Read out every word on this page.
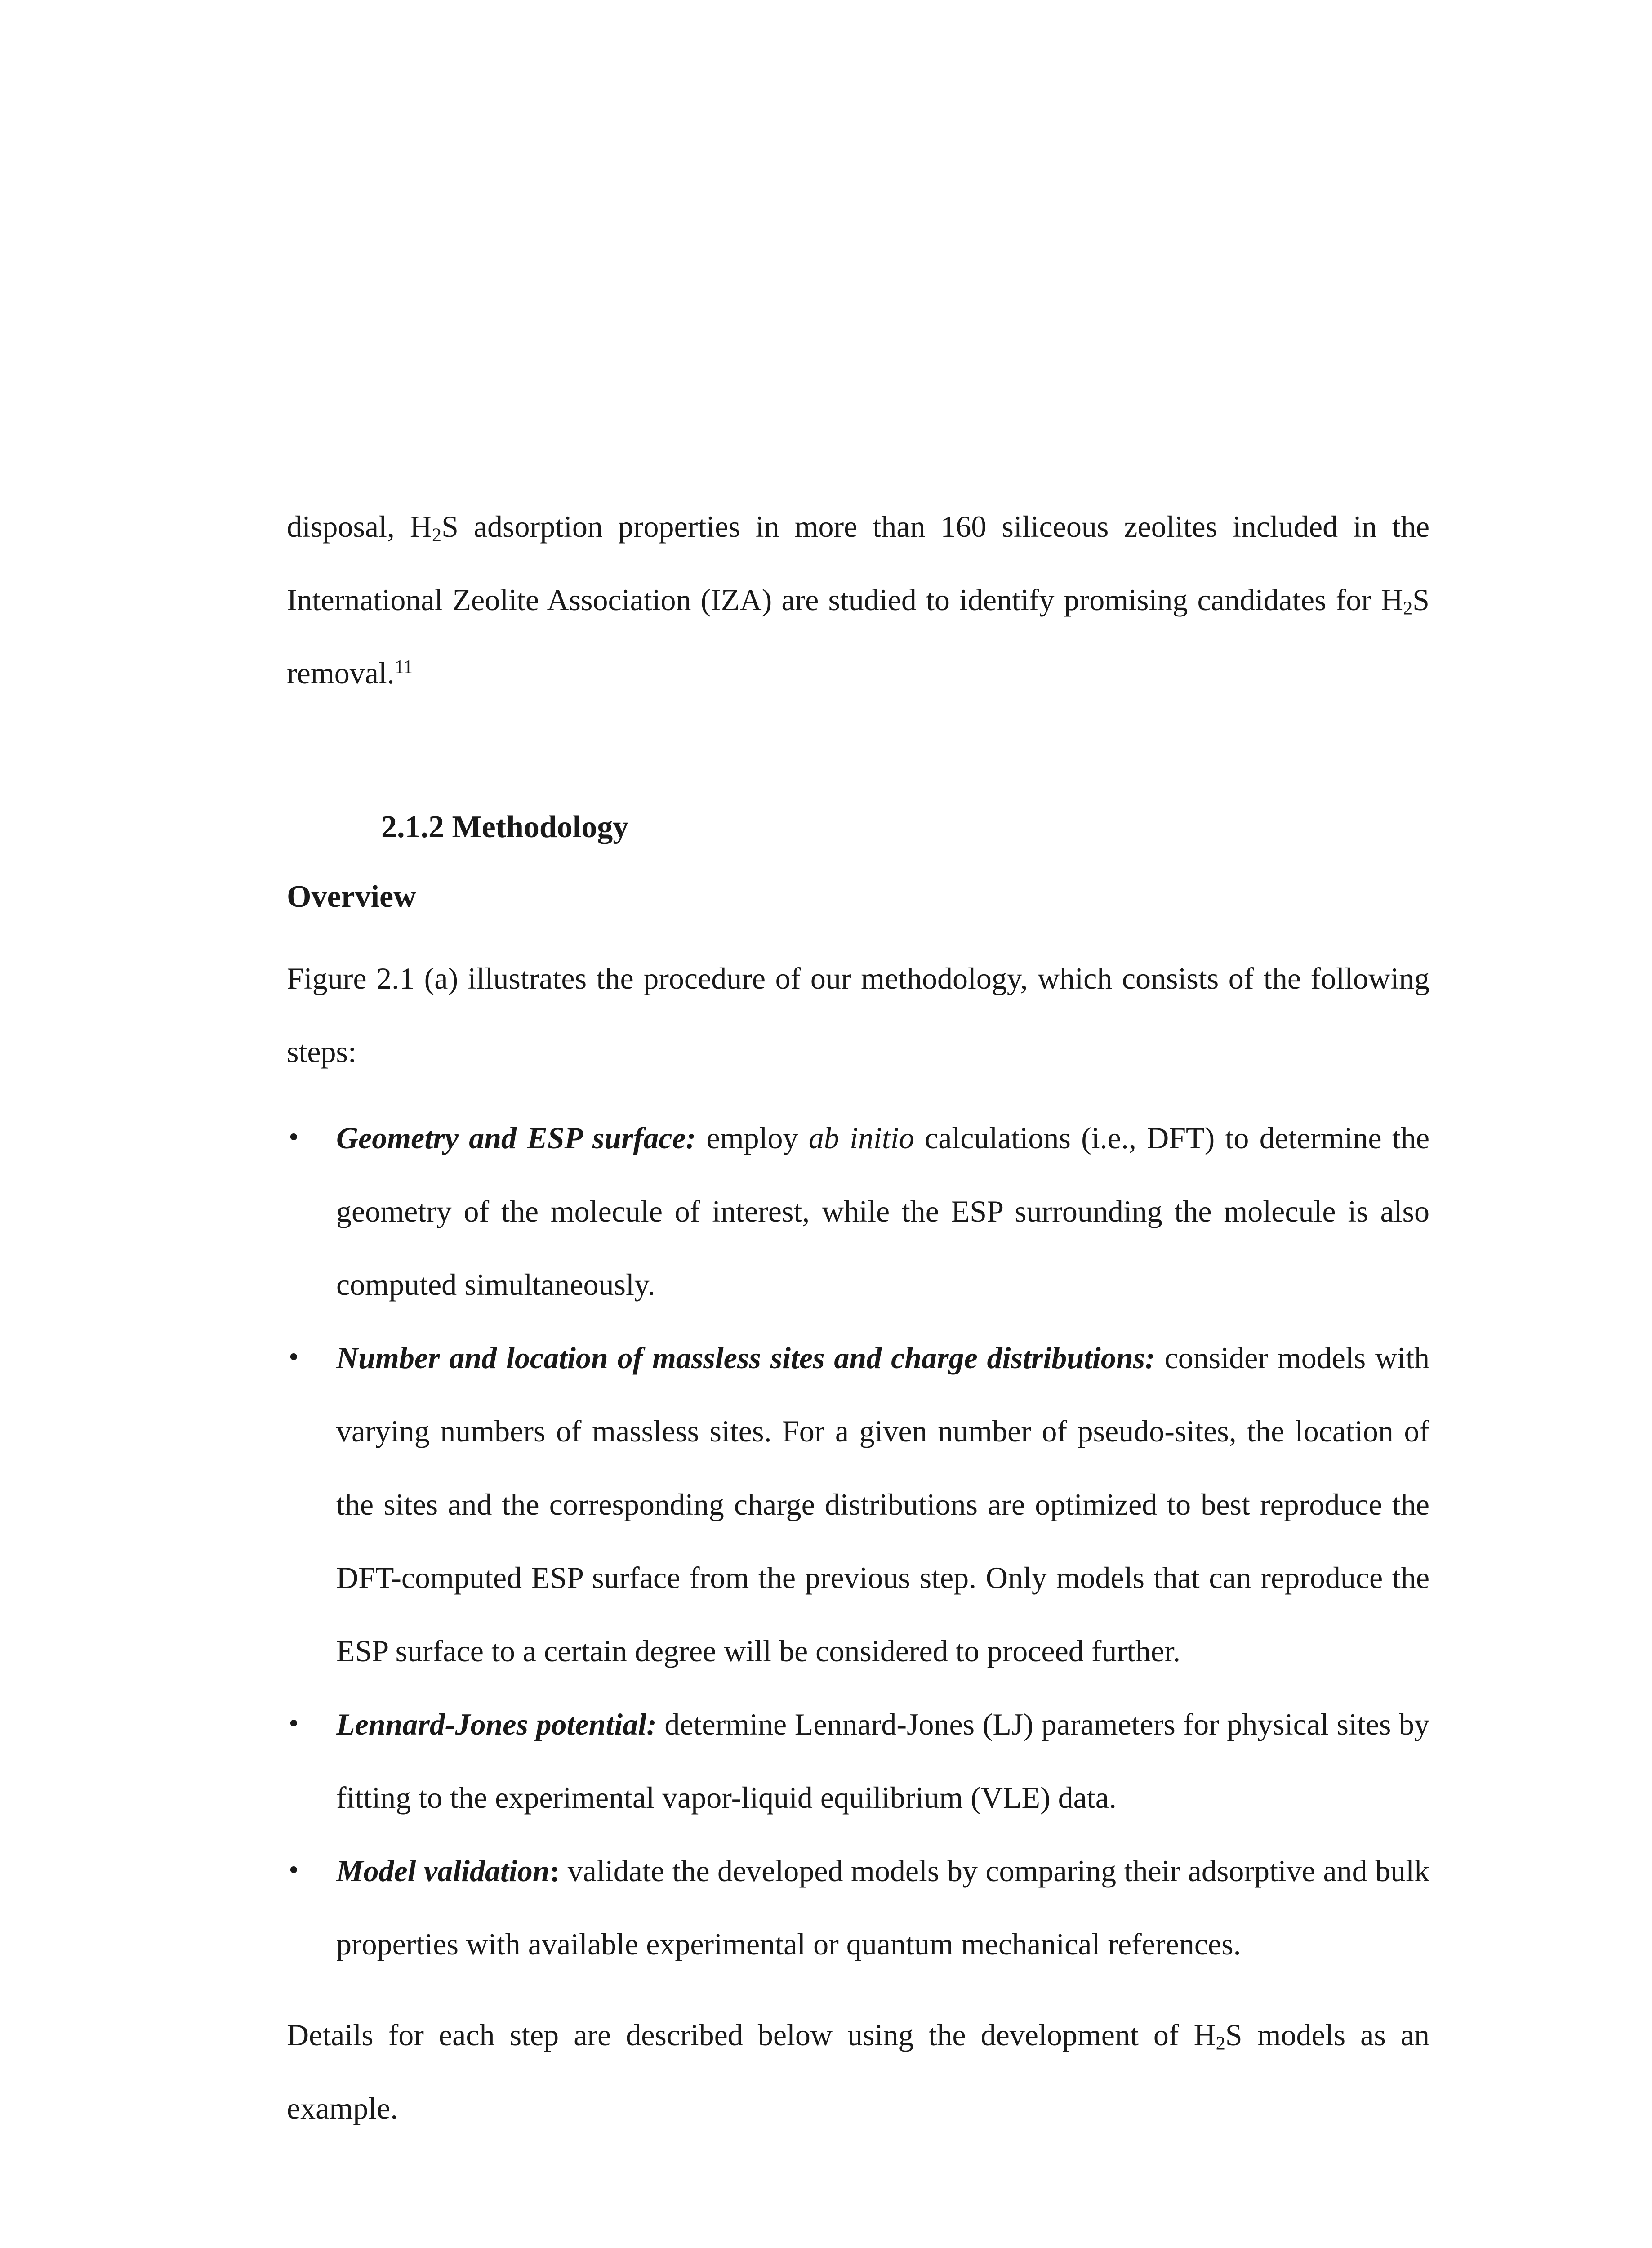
disposal, $H_2S$ adsorption properties in more than 160 siliceous zeolites included in the International Zeolite Association (IZA) are studied to identify promising candidates for $H_2S$ removal.$^{11}$

2.1.2 Methodology
Overview

Figure 2.1 (a) illustrates the procedure of our methodology, which consists of the following steps:

•	Geometry and ESP surface: employ ab initio calculations (i.e., DFT) to determine the geometry of the molecule of interest, while the ESP surrounding the molecule is also computed simultaneously.
•	Number and location of massless sites and charge distributions: consider models with varying numbers of massless sites. For a given number of pseudo-sites, the location of the sites and the corresponding charge distributions are optimized to best reproduce the DFT-computed ESP surface from the previous step. Only models that can reproduce the ESP surface to a certain degree will be considered to proceed further.
•	Lennard-Jones potential: determine Lennard-Jones (LJ) parameters for physical sites by fitting to the experimental vapor-liquid equilibrium (VLE) data.
•	Model validation: validate the developed models by comparing their adsorptive and bulk properties with available experimental or quantum mechanical references.

Details for each step are described below using the development of $H_2S$ models as an example.
